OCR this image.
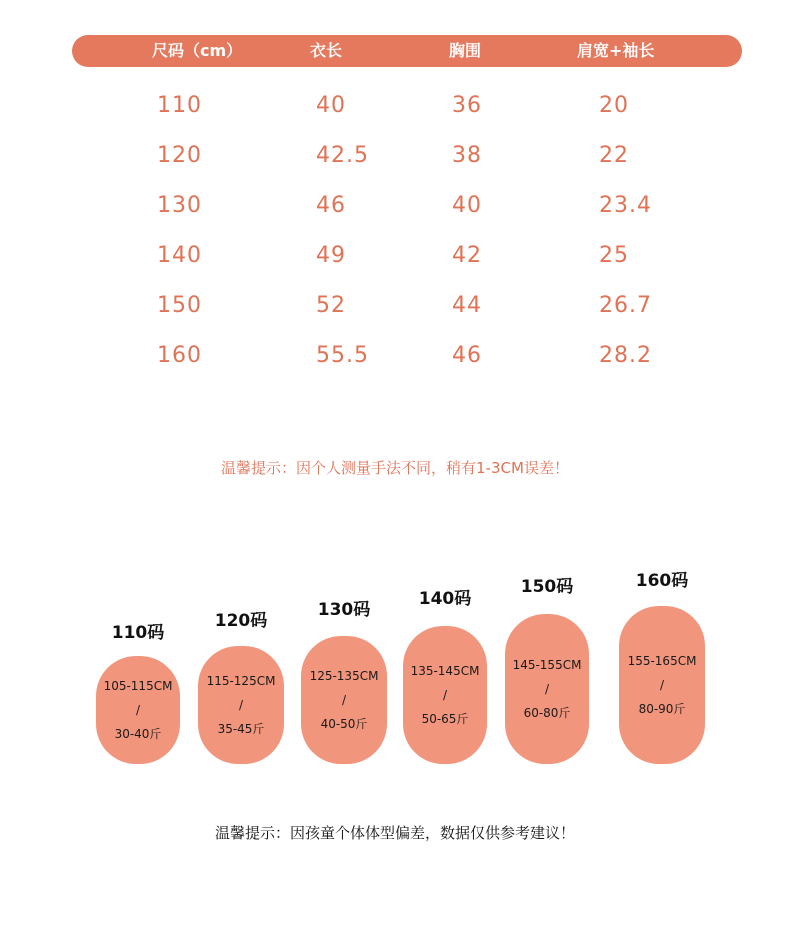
尺码（cm）	衣长	胸围	肩宽+袖长
110	40	36	20
120	42.5	38	22
130	46	40	23.4
140	49	42	25
150	52	44	26.7
160	55.5	46	28.2
温馨提示：因个人测量手法不同，稍有1-3CM误差！
110码
105-115CM
/
30-40斤
120码
115-125CM
/
35-45斤
130码
125-135CM
/
40-50斤
140码
135-145CM
/
50-65斤
150码
145-155CM
/
60-80斤
160码
155-165CM
/
80-90斤
温馨提示：因孩童个体体型偏差，数据仅供参考建议！
